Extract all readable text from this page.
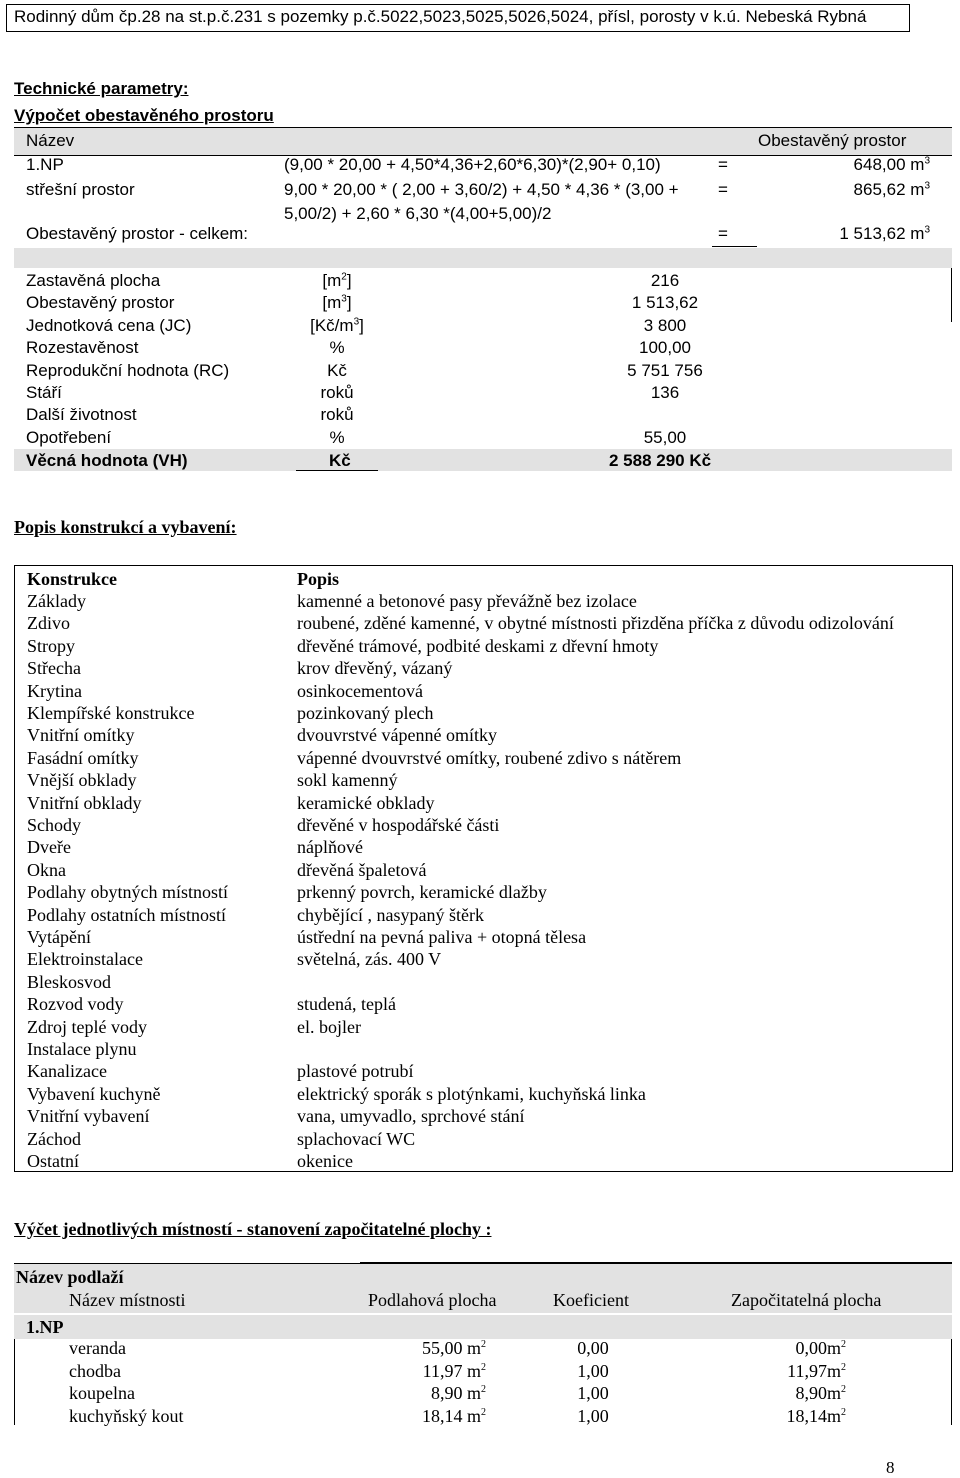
Rodinný dům čp.28 na st.p.č.231 s pozemky p.č.5022,5023,5025,5026,5024, přísl, porosty v k.ú. Nebeská Rybná
Technické parametry:
Výpočet obestavěného prostoru
Název	Obestavěný prostor
1.NP	(9,00 * 20,00 + 4,50*4,36+2,60*6,30)*(2,90+ 0,10)	=	648,00 $m^3$
střešní prostor	9,00 * 20,00 * ( 2,00 + 3,60/2) + 4,50 * 4,36 * (3,00 +
5,00/2) + 2,60 * 6,30 *(4,00+5,00)/2
=	865,62 $m^3$
Obestavěný prostor - celkem:	=	1 513,62 $m^3$
Zastavěná plocha	$[m^2]$	216
Obestavěný prostor	$[m^3]$	1 513,62
Jednotková cena (JC)	$[Kč/m^3]$	3 800
Rozestavěnost	%	100,00
Reprodukční hodnota (RC)	Kč	5 751 756
Stáří	roků	136
Další životnost	roků
Opotřebení	%	55,00
Věcná hodnota (VH)	Kč	2 588 290 Kč
Popis konstrukcí a vybavení:
Konstrukce	Popis
Základy	kamenné a betonové pasy převážně bez izolace
Zdivo	roubené, zděné kamenné, v obytné místnosti přizděna příčka z důvodu odizolování
Stropy	dřevěné trámové, podbité deskami z dřevní hmoty
Střecha	krov dřevěný, vázaný
Krytina	osinkocementová
Klempířské konstrukce	pozinkovaný plech
Vnitřní omítky	dvouvrstvé vápenné omítky
Fasádní omítky	vápenné dvouvrstvé omítky, roubené zdivo s nátěrem
Vnější obklady	sokl kamenný
Vnitřní obklady	keramické obklady
Schody	dřevěné v hospodářské části
Dveře	náplňové
Okna	dřevěná špaletová
Podlahy obytných místností	prkenný povrch, keramické dlažby
Podlahy ostatních místností	chybějící , nasypaný štěrk
Vytápění	ústřední na pevná paliva + otopná tělesa
Elektroinstalace	světelná, zás. 400 V
Bleskosvod
Rozvod vody	studená, teplá
Zdroj teplé vody	el. bojler
Instalace plynu
Kanalizace	plastové potrubí
Vybavení kuchyně	elektrický sporák s plotýnkami, kuchyňská linka
Vnitřní vybavení	vana, umyvadlo, sprchové stání
Záchod	splachovací WC
Ostatní	okenice
Výčet jednotlivých místností - stanovení započitatelné plochy :
Název podlaží
Název místnosti	Podlahová plocha	Koeficient	Započitatelná plocha
1.NP
veranda	55,00 $m^2$	0,00	$0,00m^2$
chodba	11,97 $m^2$	1,00	$11,97m^2$
koupelna	8,90 $m^2$	1,00	$8,90m^2$
kuchyňský kout	18,14 $m^2$	1,00	$18,14m^2$
8
